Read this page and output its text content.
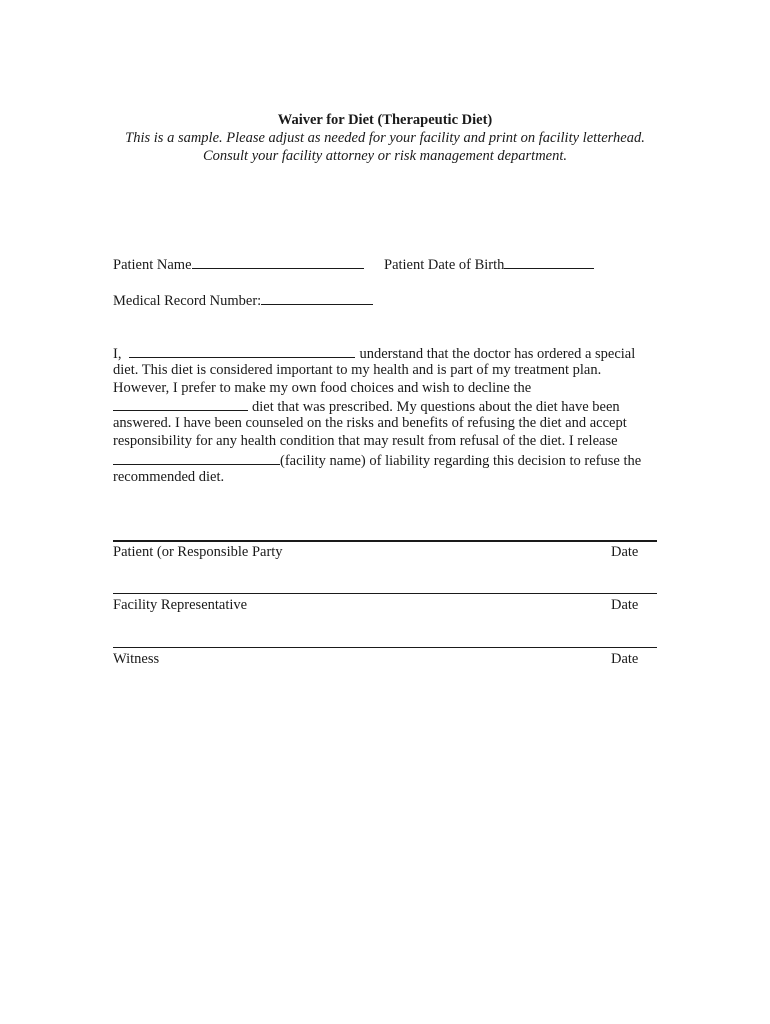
Waiver for Diet (Therapeutic Diet)
This is a sample. Please adjust as needed for your facility and print on facility letterhead.
Consult your facility attorney or risk management department.
Patient Name	Patient Date of Birth
Medical Record Number:
I,	understand that the doctor has ordered a special
diet. This diet is considered important to my health and is part of my treatment plan.
However, I prefer to make my own food choices and wish to decline the
diet that was prescribed. My questions about the diet have been
answered. I have been counseled on the risks and benefits of refusing the diet and accept
responsibility for any health condition that may result from refusal of the diet. I release
(facility name) of liability regarding this decision to refuse the
recommended diet.
Patient (or Responsible Party	Date
Facility Representative	Date
Witness	Date
